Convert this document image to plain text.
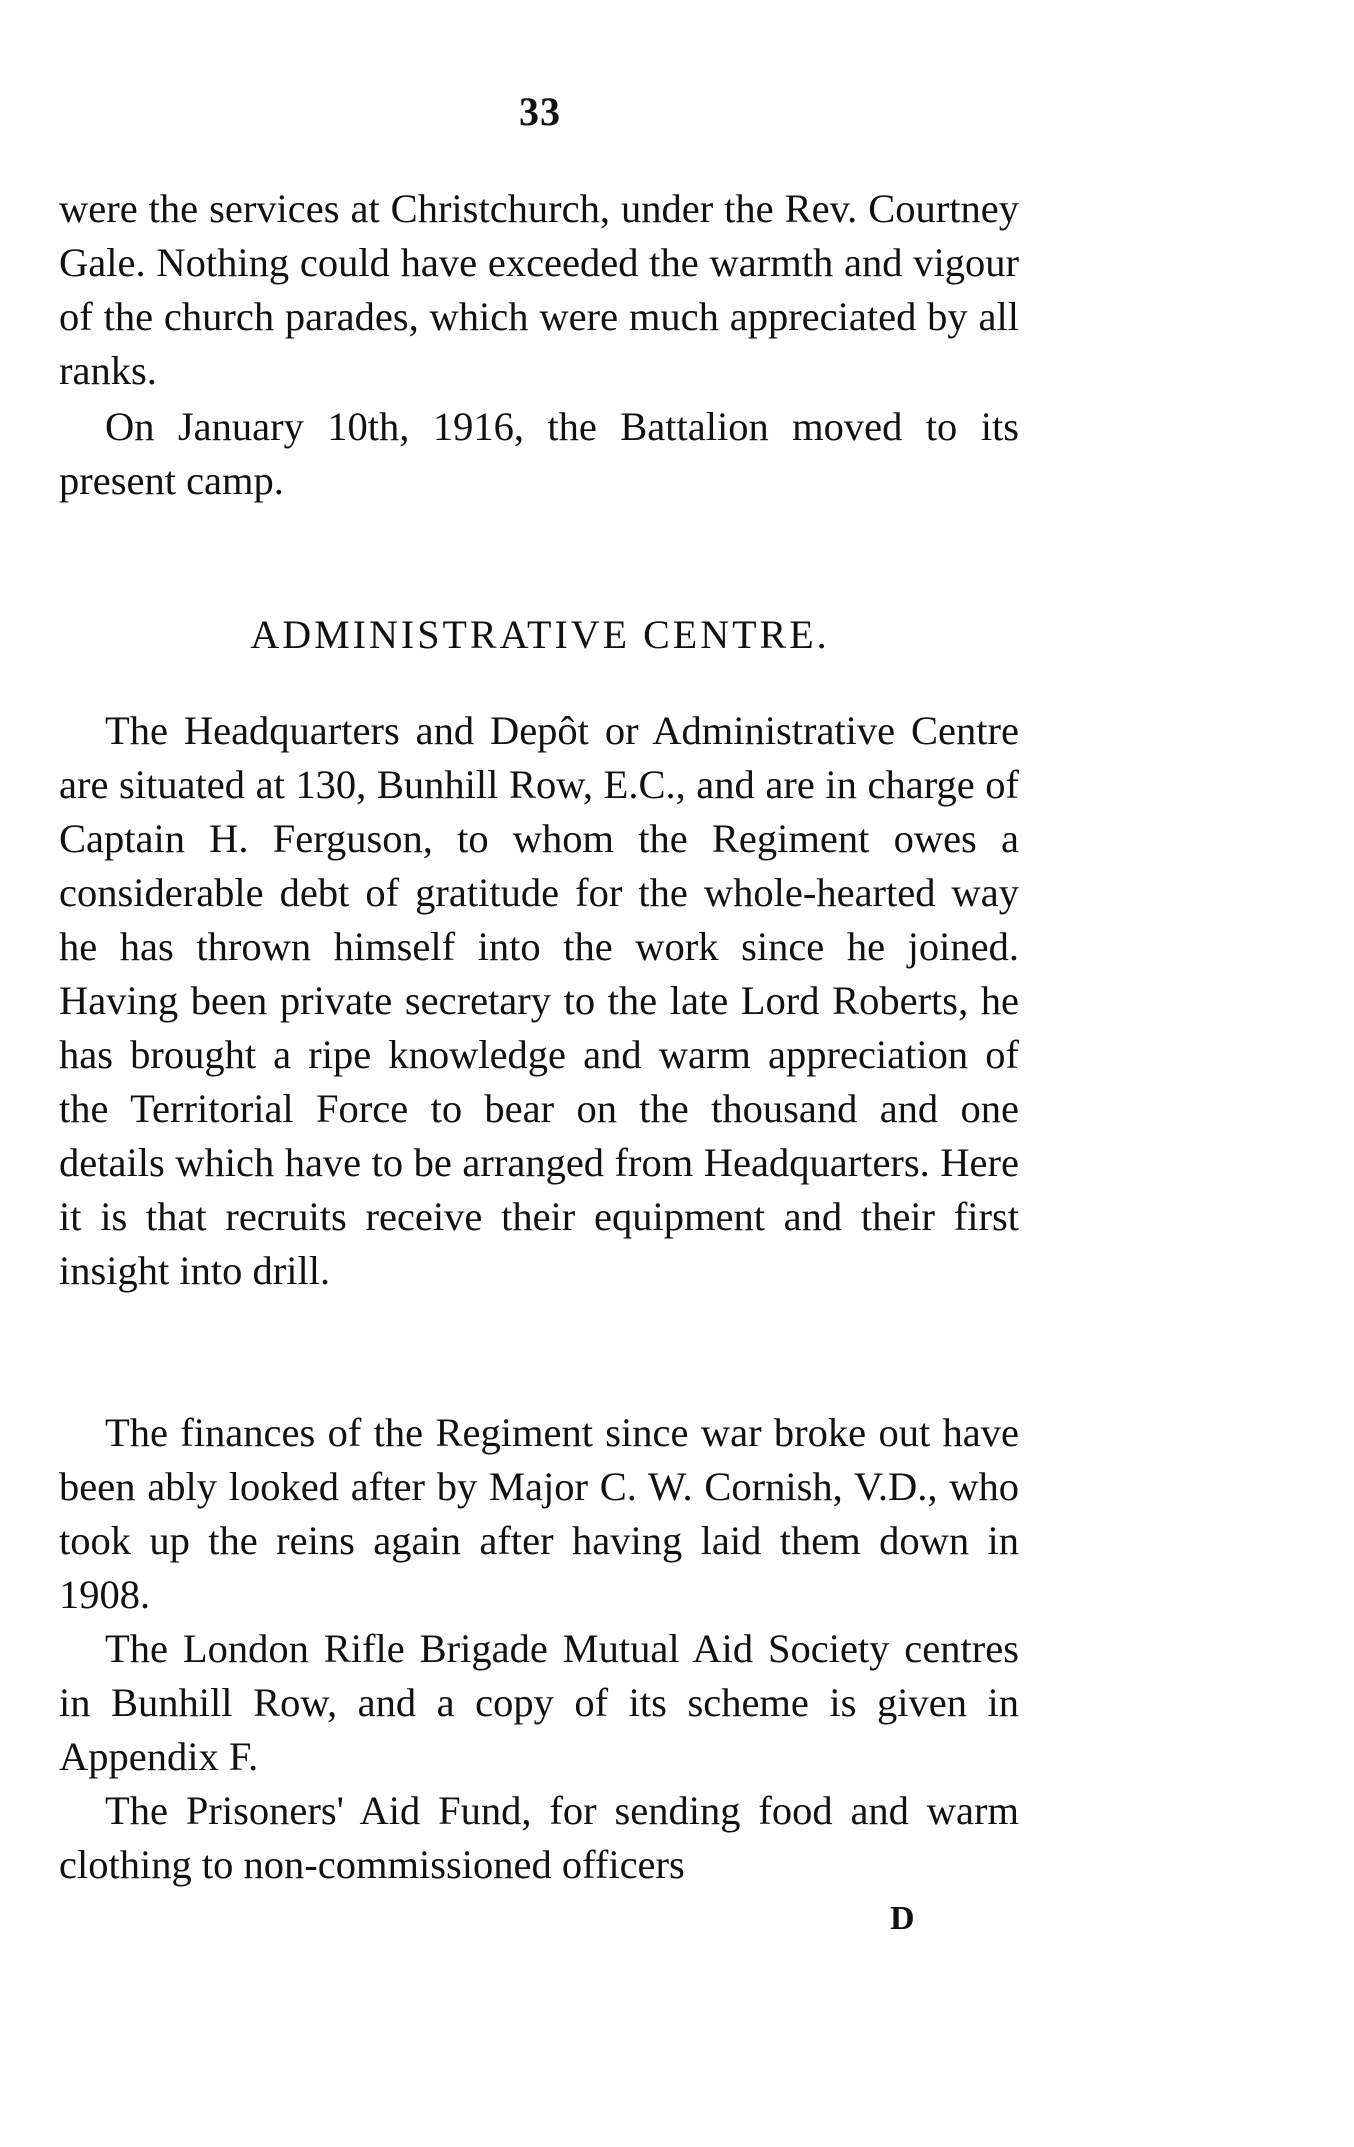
33

were the services at Christchurch, under the Rev. Courtney Gale. Nothing could have exceeded the warmth and vigour of the church parades, which were much appreciated by all ranks.

On January 10th, 1916, the Battalion moved to its present camp.

ADMINISTRATIVE CENTRE.

The Headquarters and Depôt or Administrative Centre are situated at 130, Bunhill Row, E.C., and are in charge of Captain H. Ferguson, to whom the Regiment owes a considerable debt of gratitude for the whole-hearted way he has thrown himself into the work since he joined. Having been private secretary to the late Lord Roberts, he has brought a ripe knowledge and warm appreciation of the Territorial Force to bear on the thousand and one details which have to be arranged from Headquarters. Here it is that recruits receive their equipment and their first insight into drill.

The finances of the Regiment since war broke out have been ably looked after by Major C. W. Cornish, V.D., who took up the reins again after having laid them down in 1908.

The London Rifle Brigade Mutual Aid Society centres in Bunhill Row, and a copy of its scheme is given in Appendix F.

The Prisoners' Aid Fund, for sending food and warm clothing to non-commissioned officers

D
